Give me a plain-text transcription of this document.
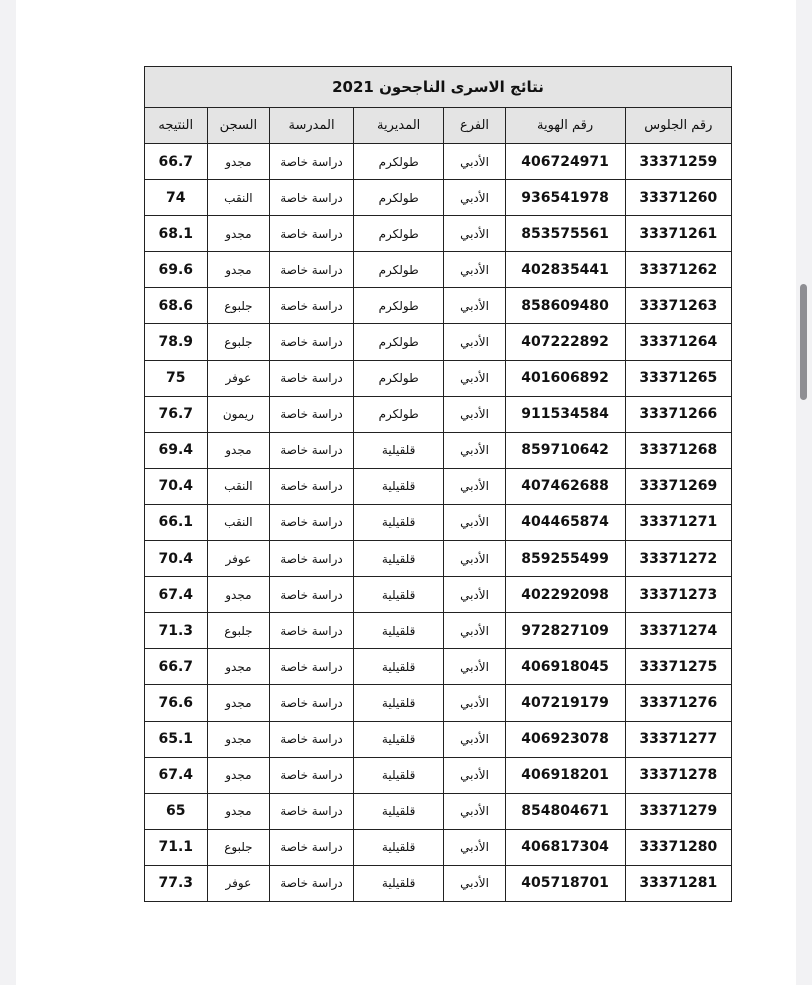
نتائج الاسرى الناجحون 2021						
رقم الجلوس	رقم الهوية	الفرع	المديرية	المدرسة	السجن	النتيجه
33371259	406724971	الأدبي	طولكرم	دراسة خاصة	مجدو	66.7
33371260	936541978	الأدبي	طولكرم	دراسة خاصة	النقب	74
33371261	853575561	الأدبي	طولكرم	دراسة خاصة	مجدو	68.1
33371262	402835441	الأدبي	طولكرم	دراسة خاصة	مجدو	69.6
33371263	858609480	الأدبي	طولكرم	دراسة خاصة	جلبوع	68.6
33371264	407222892	الأدبي	طولكرم	دراسة خاصة	جلبوع	78.9
33371265	401606892	الأدبي	طولكرم	دراسة خاصة	عوفر	75
33371266	911534584	الأدبي	طولكرم	دراسة خاصة	ريمون	76.7
33371268	859710642	الأدبي	قلقيلية	دراسة خاصة	مجدو	69.4
33371269	407462688	الأدبي	قلقيلية	دراسة خاصة	النقب	70.4
33371271	404465874	الأدبي	قلقيلية	دراسة خاصة	النقب	66.1
33371272	859255499	الأدبي	قلقيلية	دراسة خاصة	عوفر	70.4
33371273	402292098	الأدبي	قلقيلية	دراسة خاصة	مجدو	67.4
33371274	972827109	الأدبي	قلقيلية	دراسة خاصة	جلبوع	71.3
33371275	406918045	الأدبي	قلقيلية	دراسة خاصة	مجدو	66.7
33371276	407219179	الأدبي	قلقيلية	دراسة خاصة	مجدو	76.6
33371277	406923078	الأدبي	قلقيلية	دراسة خاصة	مجدو	65.1
33371278	406918201	الأدبي	قلقيلية	دراسة خاصة	مجدو	67.4
33371279	854804671	الأدبي	قلقيلية	دراسة خاصة	مجدو	65
33371280	406817304	الأدبي	قلقيلية	دراسة خاصة	جلبوع	71.1
33371281	405718701	الأدبي	قلقيلية	دراسة خاصة	عوفر	77.3
